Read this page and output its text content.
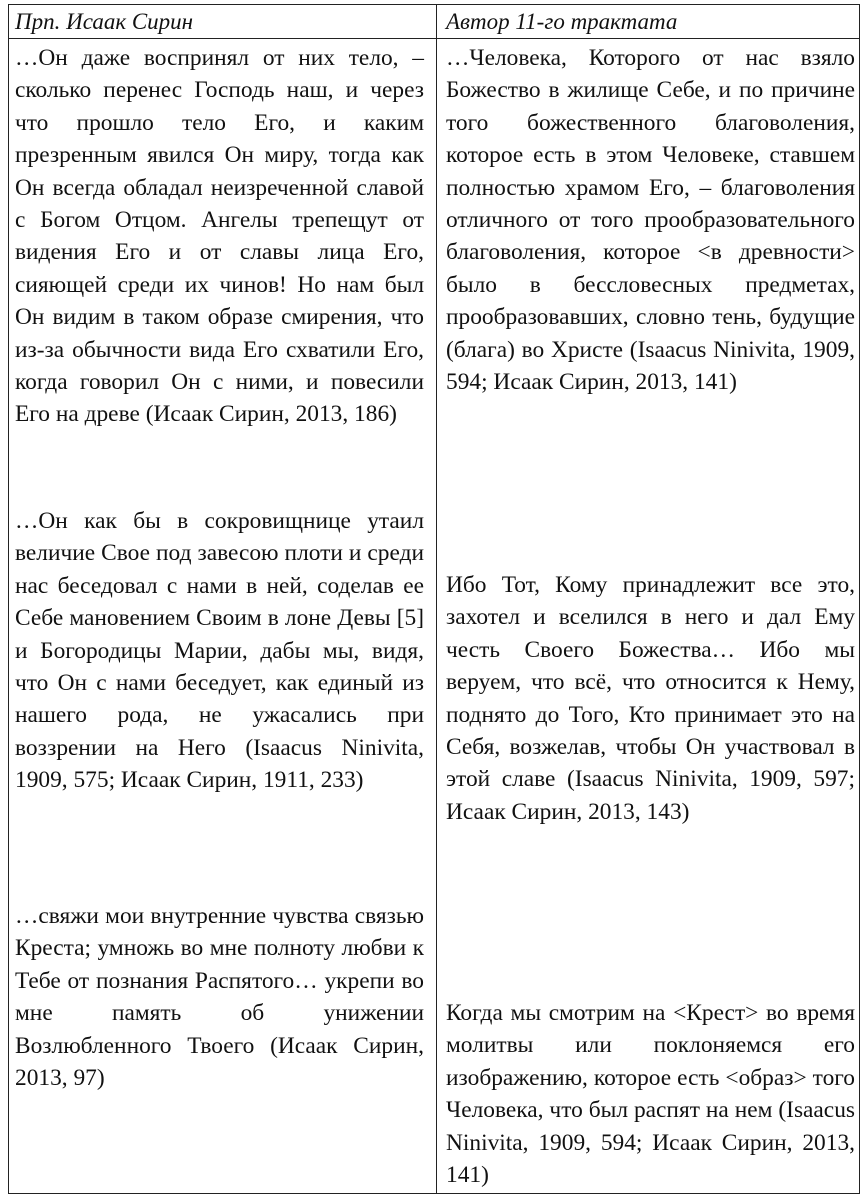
Прп. Исаак Сирин	Автор 11-го трактата

…Он даже воспринял от них тело, – сколько перенес Господь наш, и через что прошло тело Его, и каким презренным явился Он миру, тогда как Он всегда обладал неизреченной славой с Богом Отцом. Ангелы трепещут от видения Его и от славы лица Его, сияющей среди их чинов! Но нам был Он видим в таком образе смирения, что из-за обычности вида Его схватили Его, когда говорил Он с ними, и повесили Его на древе (Исаак Сирин, 2013, 186)

…Человека, Которого от нас взяло Божество в жилище Себе, и по причине того божественного благоволения, которое есть в этом Человеке, ставшем полностью храмом Его, – благоволения отличного от того прообразовательного благоволения, которое <в древности> было в бессловесных предметах, прообразовавших, словно тень, будущие (блага) во Христе (Isaacus Ninivita, 1909, 594; Исаак Сирин, 2013, 141)

…Он как бы в сокровищнице утаил величие Свое под завесою плоти и среди нас беседовал с нами в ней, соделав ее Себе мановением Своим в лоне Девы [5] и Богородицы Марии, дабы мы, видя, что Он с нами беседует, как единый из нашего рода, не ужасались при воззрении на Него (Isaacus Ninivita, 1909, 575; Исаак Сирин, 1911, 233)

Ибо Тот, Кому принадлежит все это, захотел и вселился в него и дал Ему честь Своего Божества… Ибо мы веруем, что всё, что относится к Нему, поднято до Того, Кто принимает это на Себя, возжелав, чтобы Он участвовал в этой славе (Isaacus Ninivita, 1909, 597; Исаак Сирин, 2013, 143)

…свяжи мои внутренние чувства связью Креста; умножь во мне полноту любви к Тебе от познания Распятого… укрепи во мне память об унижении Возлюбленного Твоего (Исаак Сирин, 2013, 97)

Когда мы смотрим на <Крест> во время молитвы или поклоняемся его изображению, которое есть <образ> того Человека, что был распят на нем (Isaacus Ninivita, 1909, 594; Исаак Сирин, 2013, 141)
